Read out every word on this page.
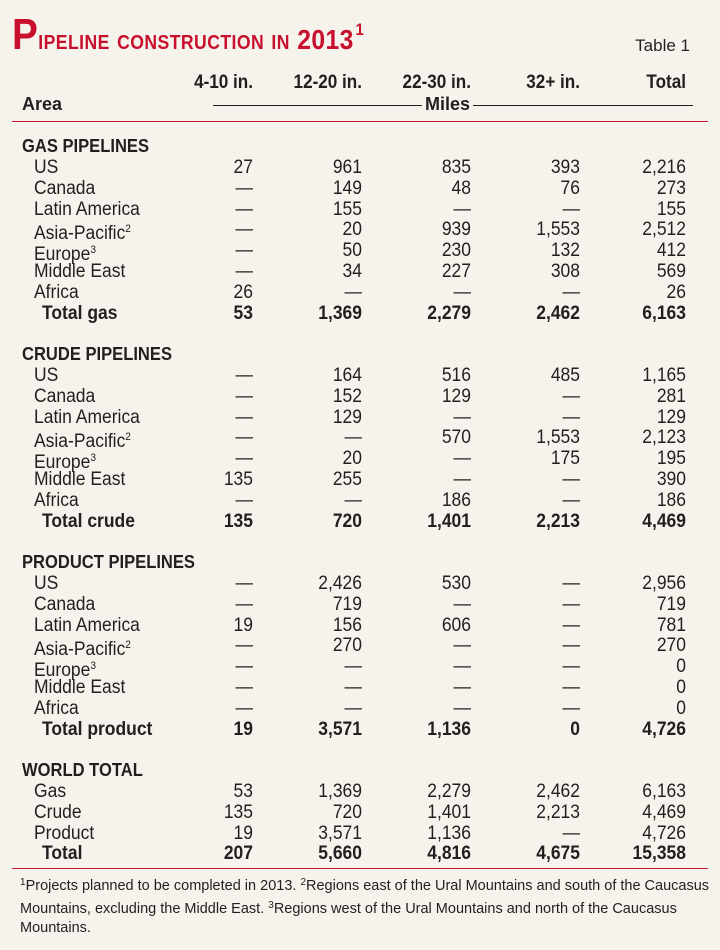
Pipeline construction in 2013 $^1$
Table 1
4-10 in.	12-20 in.	22-30 in.	32+ in.	Total
Area	Miles
GAS PIPELINES
US	27	961	835	393	2,216
Canada	—	149	48	76	273
Latin America	—	155	—	—	155
Asia-Pacific$^2$	—	20	939	1,553	2,512
Europe$^3$	—	50	230	132	412
Middle East	—	34	227	308	569
Africa	26	—	—	—	26
Total gas	53	1,369	2,279	2,462	6,163
CRUDE PIPELINES
US	—	164	516	485	1,165
Canada	—	152	129	—	281
Latin America	—	129	—	—	129
Asia-Pacific$^2$	—	—	570	1,553	2,123
Europe$^3$	—	20	—	175	195
Middle East	135	255	—	—	390
Africa	—	—	186	—	186
Total crude	135	720	1,401	2,213	4,469
PRODUCT PIPELINES
US	—	2,426	530	—	2,956
Canada	—	719	—	—	719
Latin America	19	156	606	—	781
Asia-Pacific$^2$	—	270	—	—	270
Europe$^3$	—	—	—	—	0
Middle East	—	—	—	—	0
Africa	—	—	—	—	0
Total product	19	3,571	1,136	0	4,726
WORLD TOTAL
Gas	53	1,369	2,279	2,462	6,163
Crude	135	720	1,401	2,213	4,469
Product	19	3,571	1,136	—	4,726
Total	207	5,660	4,816	4,675	15,358
$^1$Projects planned to be completed in 2013. $^2$Regions east of the Ural Mountains and south of the Caucasus Mountains, excluding the Middle East. $^3$Regions west of the Ural Mountains and north of the Caucasus Mountains.
